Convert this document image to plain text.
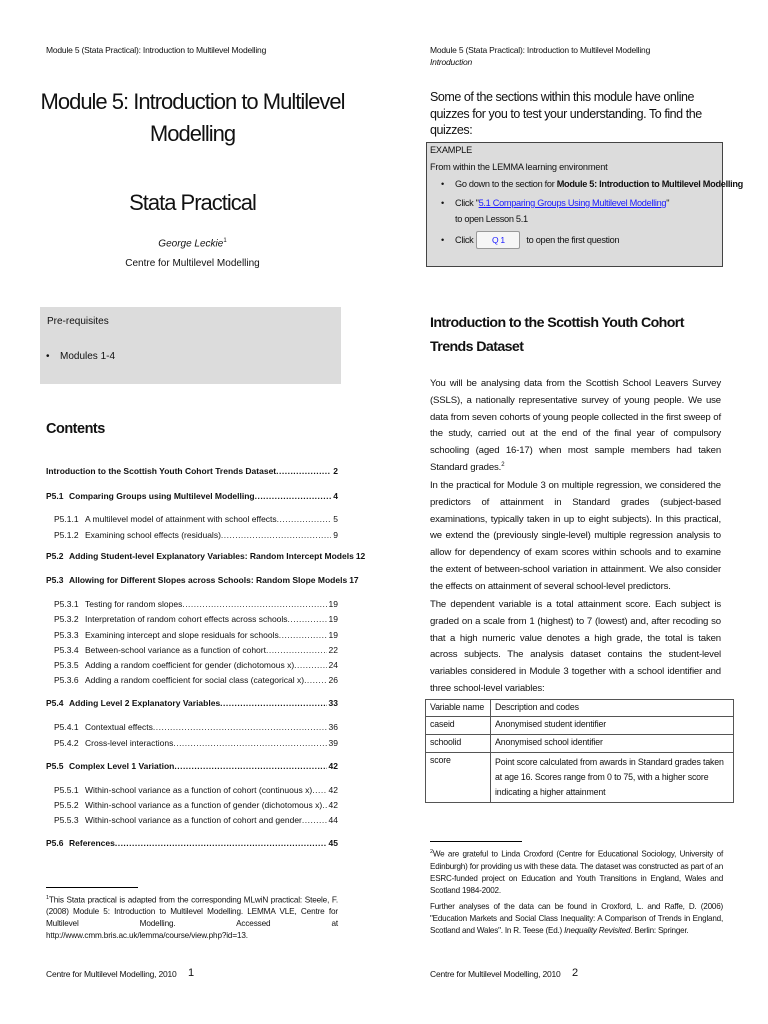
Module 5 (Stata Practical): Introduction to Multilevel Modelling
Module 5: Introduction to Multilevel
Modelling
Stata Practical
George Leckie$^1$
Centre for Multilevel Modelling
Pre-requisites
• Modules 1-4
Contents
Introduction to the Scottish Youth Cohort Trends Dataset .....	2
P5.1 Comparing Groups using Multilevel Modelling .....	4
P5.1.1 A multilevel model of attainment with school effects .....	5
P5.1.2 Examining school effects (residuals) .....	9
P5.2 Adding Student-level Explanatory Variables: Random Intercept Models 12
P5.3 Allowing for Different Slopes across Schools: Random Slope Models 17
P5.3.1 Testing for random slopes .....	19
P5.3.2 Interpretation of random cohort effects across schools .....	19
P5.3.3 Examining intercept and slope residuals for schools .....	19
P5.3.4 Between-school variance as a function of cohort .....	22
P5.3.5 Adding a random coefficient for gender (dichotomous x) .....	24
P5.3.6 Adding a random coefficient for social class (categorical x) .....	26
P5.4 Adding Level 2 Explanatory Variables .....	33
P5.4.1 Contextual effects .....	36
P5.4.2 Cross-level interactions .....	39
P5.5 Complex Level 1 Variation .....	42
P5.5.1 Within-school variance as a function of cohort (continuous x) ..... 42
P5.5.2 Within-school variance as a function of gender (dichotomous x) ..... 42
P5.5.3 Within-school variance as a function of cohort and gender .....	44
P5.6 References .....	45
$^1$This Stata practical is adapted from the corresponding MLwiN practical: Steele, F. (2008) Module 5: Introduction to Multilevel Modelling. LEMMA VLE, Centre for Multilevel Modelling. Accessed at http://www.cmm.bris.ac.uk/lemma/course/view.php?id=13.
Centre for Multilevel Modelling, 2010 1
Module 5 (Stata Practical): Introduction to Multilevel Modelling
Introduction
Some of the sections within this module have online quizzes for you to test your understanding. To find the quizzes:
EXAMPLE
From within the LEMMA learning environment
• Go down to the section for Module 5: Introduction to Multilevel Modelling
• Click "5.1 Comparing Groups Using Multilevel Modelling"
to open Lesson 5.1
•	Click	Q 1	to open the first question
Introduction to the Scottish Youth Cohort Trends Dataset
You will be analysing data from the Scottish School Leavers Survey (SSLS), a nationally representative survey of young people. We use data from seven cohorts of young people collected in the first sweep of the study, carried out at the end of the final year of compulsory schooling (aged 16-17) when most sample members had taken Standard grades.$^2$
In the practical for Module 3 on multiple regression, we considered the predictors of attainment in Standard grades (subject-based examinations, typically taken in up to eight subjects). In this practical, we extend the (previously single-level) multiple regression analysis to allow for dependency of exam scores within schools and to examine the extent of between-school variation in attainment. We also consider the effects on attainment of several school-level predictors.
The dependent variable is a total attainment score. Each subject is graded on a scale from 1 (highest) to 7 (lowest) and, after recoding so that a high numeric value denotes a high grade, the total is taken across subjects. The analysis dataset contains the student-level variables considered in Module 3 together with a school identifier and three school-level variables:
Variable name	Description and codes
caseid	Anonymised student identifier
schoolid	Anonymised school identifier
score	Point score calculated from awards in Standard grades taken at age 16. Scores range from 0 to 75, with a higher score indicating a higher attainment
$^2$We are grateful to Linda Croxford (Centre for Educational Sociology, University of Edinburgh) for providing us with these data. The dataset was constructed as part of an ESRC-funded project on Education and Youth Transitions in England, Wales and Scotland 1984-2002.
Further analyses of the data can be found in Croxford, L. and Raffe, D. (2006) "Education Markets and Social Class Inequality: A Comparison of Trends in England, Scotland and Wales". In R. Teese (Ed.) Inequality Revisited. Berlin: Springer.
Centre for Multilevel Modelling, 2010 2
